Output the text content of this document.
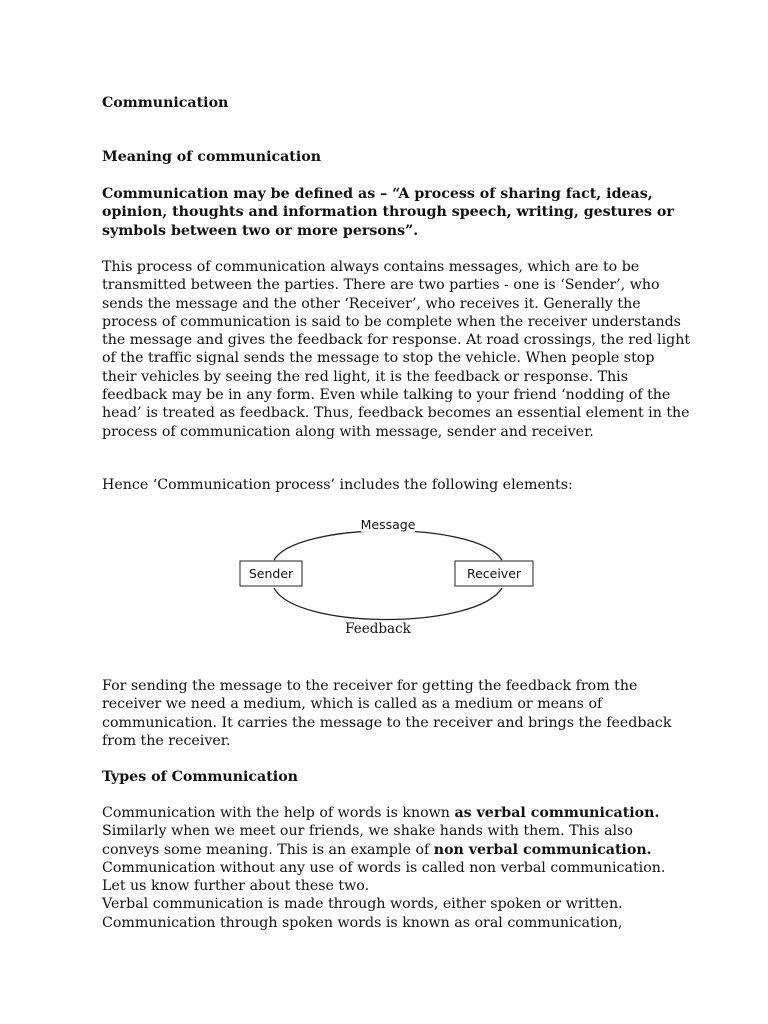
Communication

Meaning of communication

Communication may be defined as – “A process of sharing fact, ideas, opinion, thoughts and information through speech, writing, gestures or symbols between two or more persons”.

This process of communication always contains messages, which are to be transmitted between the parties. There are two parties - one is ‘Sender’, who sends the message and the other ‘Receiver’, who receives it. Generally the process of communication is said to be complete when the receiver understands the message and gives the feedback for response. At road crossings, the red light of the traffic signal sends the message to stop the vehicle. When people stop their vehicles by seeing the red light, it is the feedback or response. This feedback may be in any form. Even while talking to your friend ‘nodding of the head’ is treated as feedback. Thus, feedback becomes an essential element in the process of communication along with message, sender and receiver.

Hence ‘Communication process’ includes the following elements:

Message
Sender	Receiver
Feedback

For sending the message to the receiver for getting the feedback from the receiver we need a medium, which is called as a medium or means of communication. It carries the message to the receiver and brings the feedback from the receiver.

Types of Communication

Communication with the help of words is known as verbal communication. Similarly when we meet our friends, we shake hands with them. This also conveys some meaning. This is an example of non verbal communication. Communication without any use of words is called non verbal communication. Let us know further about these two.
Verbal communication is made through words, either spoken or written.
Communication through spoken words is known as oral communication,
